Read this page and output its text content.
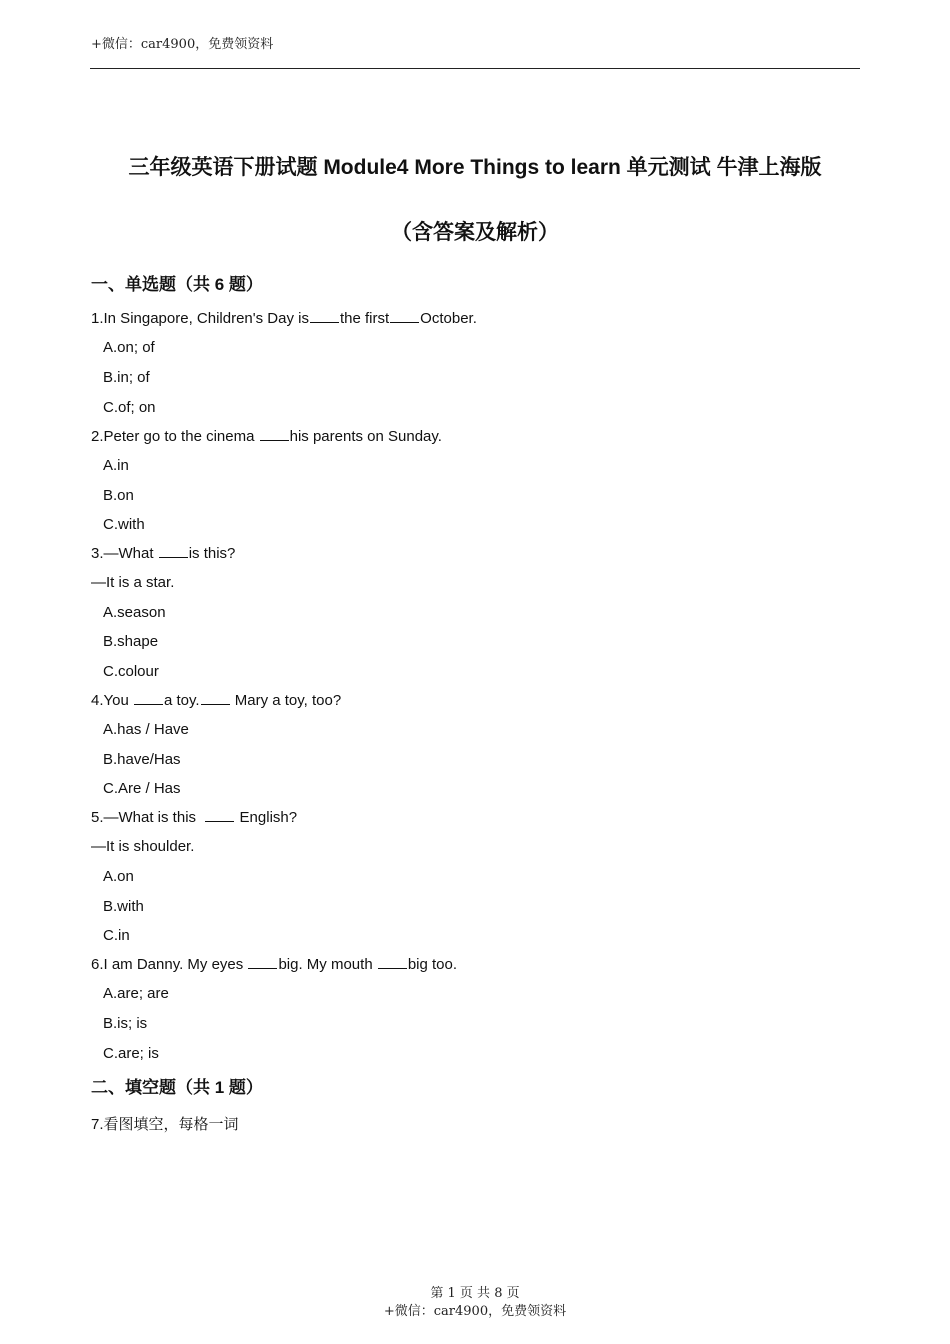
+微信：car4900，免费领资料
三年级英语下册试题 Module4 More Things to learn 单元测试 牛津上海版
（含答案及解析）
一、单选题（共 6 题）
1.In Singapore, Children's Day is the first October.
A.on; of
B.in; of
C.of; on
2.Peter go to the cinema his parents on Sunday.
A.in
B.on
C.with
3.—What is this?
—It is a star.
A.season
B.shape
C.colour
4.You a toy. Mary a toy, too?
A.has / Have
B.have/Has
C.Are / Has
5.—What is this   English?
—It is shoulder.
A.on
B.with
C.in
6.I am Danny. My eyes big. My mouth big too.
A.are; are
B.is; is
C.are; is
二、填空题（共 1 题）
7.看图填空，每格一词
第 1 页 共 8 页
+微信：car4900，免费领资料
